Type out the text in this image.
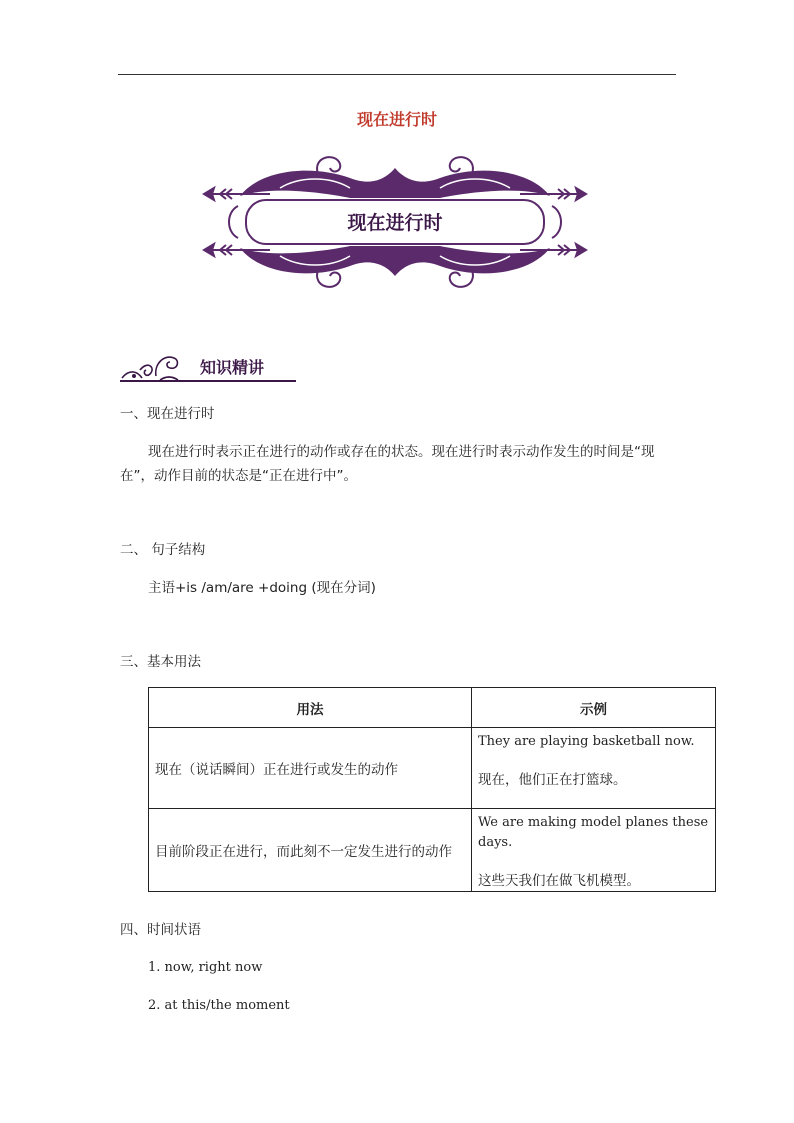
现在进行时
现在进行时
知识精讲
一、现在进行时
现在进行时表示正在进行的动作或存在的状态。现在进行时表示动作发生的时间是“现
在”，动作目前的状态是“正在进行中”。
二、 句子结构
主语+is /am/are +doing (现在分词)
三、基本用法
用法	示例
现在（说话瞬间）正在进行或发生的动作	They are playing basketball now.
现在，他们正在打篮球。

目前阶段正在进行，而此刻不一定发生进行的动作	We are making model planes these days.
这些天我们在做飞机模型。
四、时间状语
1. now, right now
2. at this/the moment
